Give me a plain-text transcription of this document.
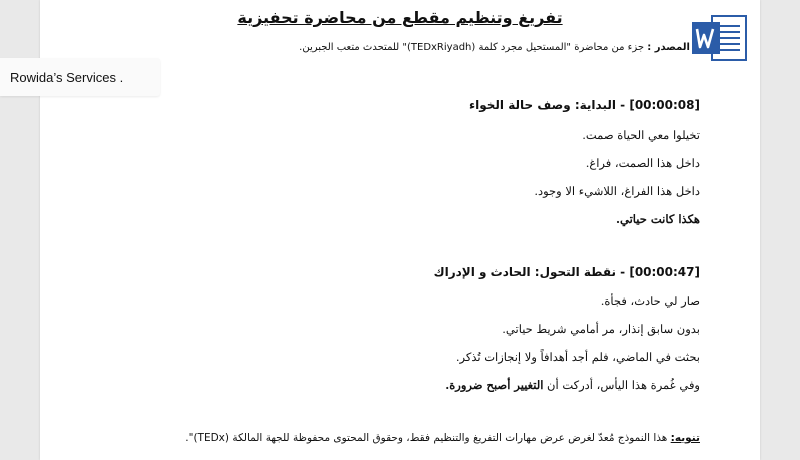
تفريغ وتنظيم مقطع من محاضرة تحفيزية
المصدر : جزء من محاضرة "المستحيل مجرد كلمة (TEDxRiyadh)" للمتحدث متعب الجبرين.
[00:00:08] - البداية: وصف حالة الخواء
تخيلوا معي الحياة صمت.
داخل هذا الصمت، فراغ.
داخل هذا الفراغ، اللاشيء الا وجود.
هكذا كانت حياتي.
[00:00:47] - نقطة التحول: الحادث و الإدراك
صار لي حادث، فجأة.
بدون سابق إنذار، مر أمامي شريط حياتي.
بحثت في الماضي، فلم أجد أهدافاً ولا إنجازات تُذكر.
وفي غُمرة هذا اليأس، أدركت أن التغيير أصبح ضرورة.
تنويه: هذا النموذج مُعدّ لغرض عرض مهارات التفريغ والتنظيم فقط، وحقوق المحتوى محفوظة للجهة المالكة (TEDx)".
Rowida’s Services .
